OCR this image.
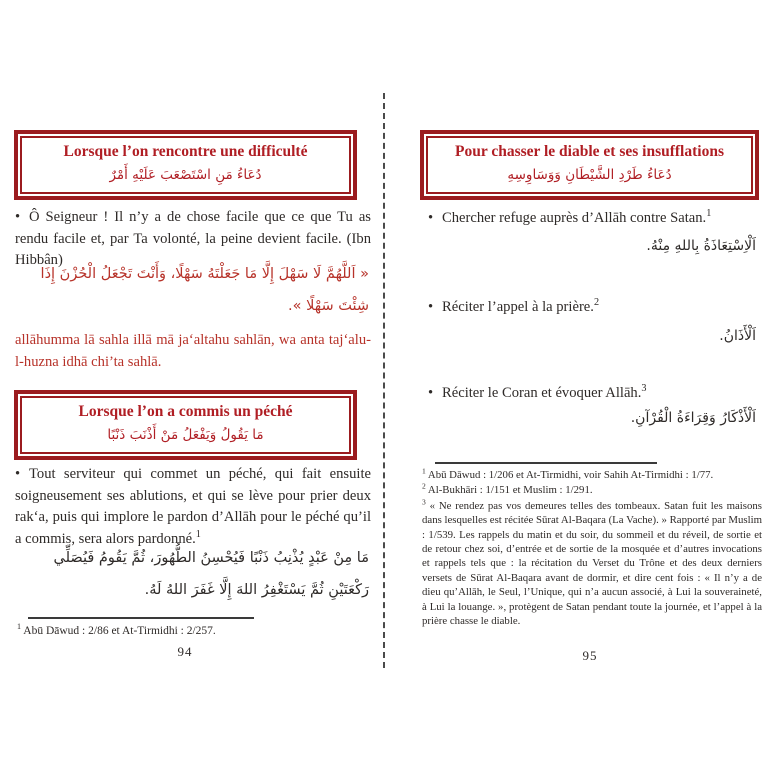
Lorsque l’on rencontre une difficulté
دُعَاءُ مَنِ اسْتَصْعَبَ عَلَيْهِ أَمْرٌ
• Ô Seigneur ! Il n’y a de chose facile que ce que Tu as rendu facile et, par Ta volonté, la peine devient facile. (Ibn Hibbân)
« اَللَّهُمَّ لَا سَهْلَ إِلَّا مَا جَعَلْتَهُ سَهْلًا، وَأَنْتَ تَجْعَلُ الْحُزْنَ إِذَا شِئْتَ سَهْلًا ».
allāhumma lā sahla illā mā ja‘altahu sahlān, wa anta taj‘alu-l-huzna idhā chi’ta sahlā.
Lorsque l’on a commis un péché
مَا يَقُولُ وَيَفْعَلُ مَنْ أَذْنَبَ ذَنْبًا
• Tout serviteur qui commet un péché, qui fait ensuite soigneusement ses ablutions, et qui se lève pour prier deux rak‘a, puis qui implore le pardon d’Allāh pour le péché qu’il a commis, sera alors pardonné.$^1$
مَا مِنْ عَبْدٍ يُذْنِبُ ذَنْبًا فَيُحْسِنُ الطُّهُورَ، ثُمَّ يَقُومُ فَيُصَلِّي رَكْعَتَيْنِ ثُمَّ يَسْتَغْفِرُ اللهَ إِلَّا غَفَرَ اللهُ لَهُ.
$^1$ Abū Dāwud : 2/86 et At-Tirmidhi : 2/257.
94
Pour chasser le diable et ses insufflations
دُعَاءُ طَرْدِ الشَّيْطَانِ وَوَسَاوِسِهِ
• Chercher refuge auprès d’Allāh contre Satan.$^1$
اَلْاِسْتِعَاذَةُ بِاللهِ مِنْهُ.
• Réciter l’appel à la prière.$^2$
اَلْأَذَانُ.
• Réciter le Coran et évoquer Allāh.$^3$
اَلْأَذْكَارُ وَقِرَاءَةُ الْقُرْآنِ.

$^1$ Abū Dāwud : 1/206 et At-Tirmidhi, voir Sahih At-Tirmidhi : 1/77.

$^2$ Al-Bukhāri : 1/151 et Muslim : 1/291.

$^3$ « Ne rendez pas vos demeures telles des tombeaux. Satan fuit les maisons dans lesquelles est récitée Sūrat Al-Baqara (La Vache). » Rapporté par Muslim : 1/539. Les rappels du matin et du soir, du sommeil et du réveil, de sortie et de retour chez soi, d’entrée et de sortie de la mosquée et d’autres invocations et rappels tels que : la récitation du Verset du Trône et des deux derniers versets de Sūrat Al-Baqara avant de dormir, et dire cent fois : « Il n’y a de dieu qu’Allāh, le Seul, l’Unique, qui n’a aucun associé, à Lui la souveraineté, à Lui la louange. », protègent de Satan pendant toute la journée, et l’appel à la prière chasse le diable.

95
